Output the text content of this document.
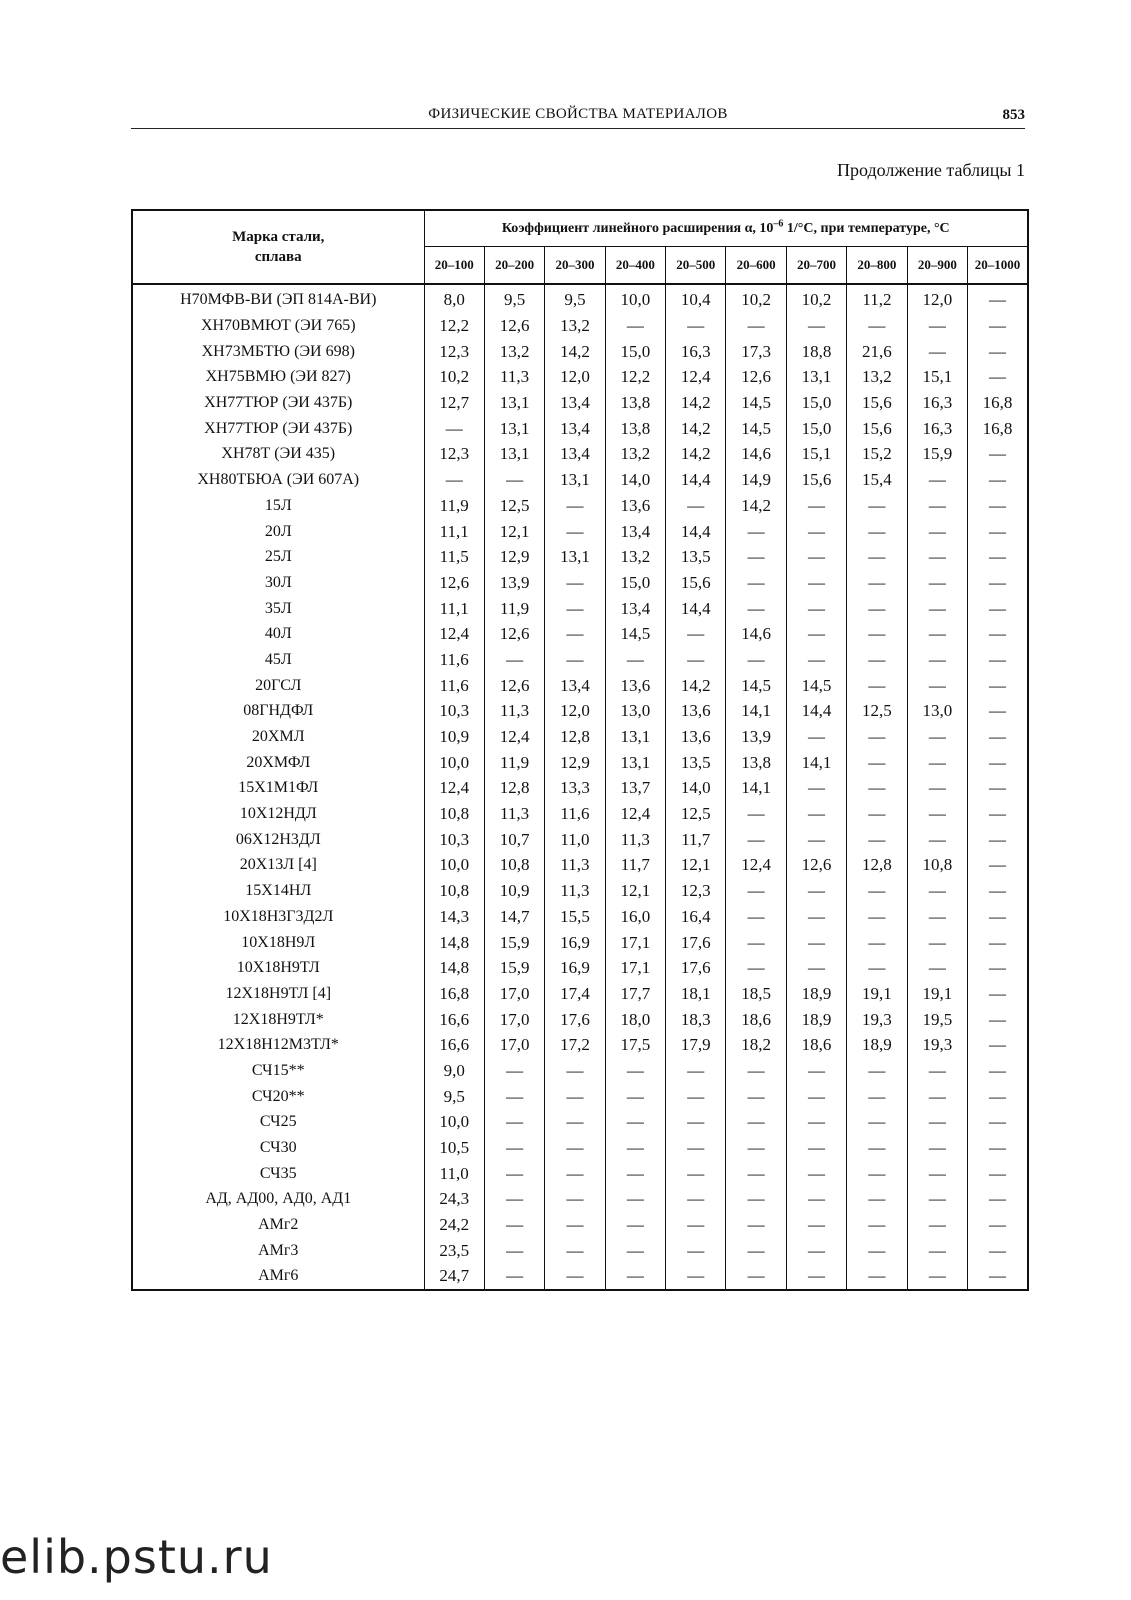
ФИЗИЧЕСКИЕ СВОЙСТВА МАТЕРИАЛОВ	853
Продолжение таблицы 1
Марка стали,
сплава	Коэффициент линейного расширения α, $10^{-6}$ 1/°С, при температуре, °С									
	20–100	20–200	20–300	20–400	20–500	20–600	20–700	20–800	20–900	20–1000
Н70МФВ-ВИ (ЭП 814А-ВИ)	8,0	9,5	9,5	10,0	10,4	10,2	10,2	11,2	12,0	—
ХН70ВМЮТ (ЭИ 765)	12,2	12,6	13,2	—	—	—	—	—	—	—
ХН73МБТЮ (ЭИ 698)	12,3	13,2	14,2	15,0	16,3	17,3	18,8	21,6	—	—
ХН75ВМЮ (ЭИ 827)	10,2	11,3	12,0	12,2	12,4	12,6	13,1	13,2	15,1	—
ХН77ТЮР (ЭИ 437Б)	12,7	13,1	13,4	13,8	14,2	14,5	15,0	15,6	16,3	16,8
ХН77ТЮР (ЭИ 437Б)	—	13,1	13,4	13,8	14,2	14,5	15,0	15,6	16,3	16,8
ХН78Т (ЭИ 435)	12,3	13,1	13,4	13,2	14,2	14,6	15,1	15,2	15,9	—
ХН80ТБЮА (ЭИ 607А)	—	—	13,1	14,0	14,4	14,9	15,6	15,4	—	—
15Л	11,9	12,5	—	13,6	—	14,2	—	—	—	—
20Л	11,1	12,1	—	13,4	14,4	—	—	—	—	—
25Л	11,5	12,9	13,1	13,2	13,5	—	—	—	—	—
30Л	12,6	13,9	—	15,0	15,6	—	—	—	—	—
35Л	11,1	11,9	—	13,4	14,4	—	—	—	—	—
40Л	12,4	12,6	—	14,5	—	14,6	—	—	—	—
45Л	11,6	—	—	—	—	—	—	—	—	—
20ГСЛ	11,6	12,6	13,4	13,6	14,2	14,5	14,5	—	—	—
08ГНДФЛ	10,3	11,3	12,0	13,0	13,6	14,1	14,4	12,5	13,0	—
20ХМЛ	10,9	12,4	12,8	13,1	13,6	13,9	—	—	—	—
20ХМФЛ	10,0	11,9	12,9	13,1	13,5	13,8	14,1	—	—	—
15Х1М1ФЛ	12,4	12,8	13,3	13,7	14,0	14,1	—	—	—	—
10Х12НДЛ	10,8	11,3	11,6	12,4	12,5	—	—	—	—	—
06Х12Н3ДЛ	10,3	10,7	11,0	11,3	11,7	—	—	—	—	—
20Х13Л [4]	10,0	10,8	11,3	11,7	12,1	12,4	12,6	12,8	10,8	—
15Х14НЛ	10,8	10,9	11,3	12,1	12,3	—	—	—	—	—
10Х18Н3Г3Д2Л	14,3	14,7	15,5	16,0	16,4	—	—	—	—	—
10Х18Н9Л	14,8	15,9	16,9	17,1	17,6	—	—	—	—	—
10Х18Н9ТЛ	14,8	15,9	16,9	17,1	17,6	—	—	—	—	—
12Х18Н9ТЛ [4]	16,8	17,0	17,4	17,7	18,1	18,5	18,9	19,1	19,1	—
12Х18Н9ТЛ*	16,6	17,0	17,6	18,0	18,3	18,6	18,9	19,3	19,5	—
12Х18Н12М3ТЛ*	16,6	17,0	17,2	17,5	17,9	18,2	18,6	18,9	19,3	—
СЧ15**	9,0	—	—	—	—	—	—	—	—	—
СЧ20**	9,5	—	—	—	—	—	—	—	—	—
СЧ25	10,0	—	—	—	—	—	—	—	—	—
СЧ30	10,5	—	—	—	—	—	—	—	—	—
СЧ35	11,0	—	—	—	—	—	—	—	—	—
АД, АД00, АД0, АД1	24,3	—	—	—	—	—	—	—	—	—
АМг2	24,2	—	—	—	—	—	—	—	—	—
АМг3	23,5	—	—	—	—	—	—	—	—	—
АМг6	24,7	—	—	—	—	—	—	—	—	—
elib.pstu.ru
